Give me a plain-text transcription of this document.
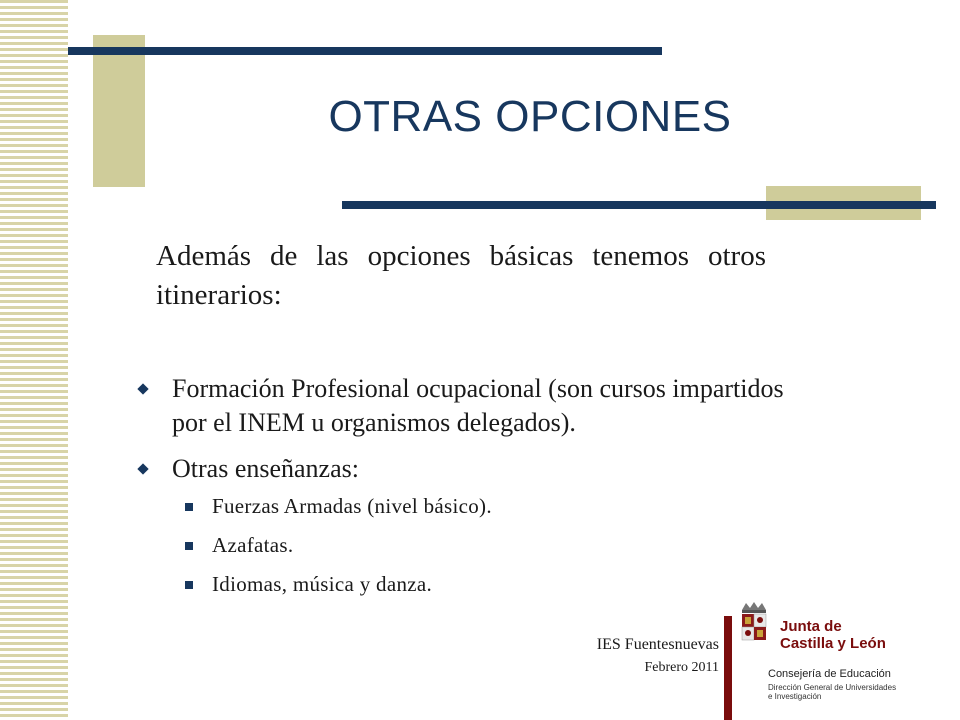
OTRAS OPCIONES
Además de las opciones básicas tenemos otros itinerarios:
Formación Profesional ocupacional (son cursos impartidos por el INEM u organismos delegados).
Otras enseñanzas:
Fuerzas Armadas (nivel básico).
Azafatas.
Idiomas, música y danza.
IES Fuentesnuevas
Febrero 2011
Junta de
Castilla y León
Consejería de Educación
Dirección General de Universidades
e Investigación
